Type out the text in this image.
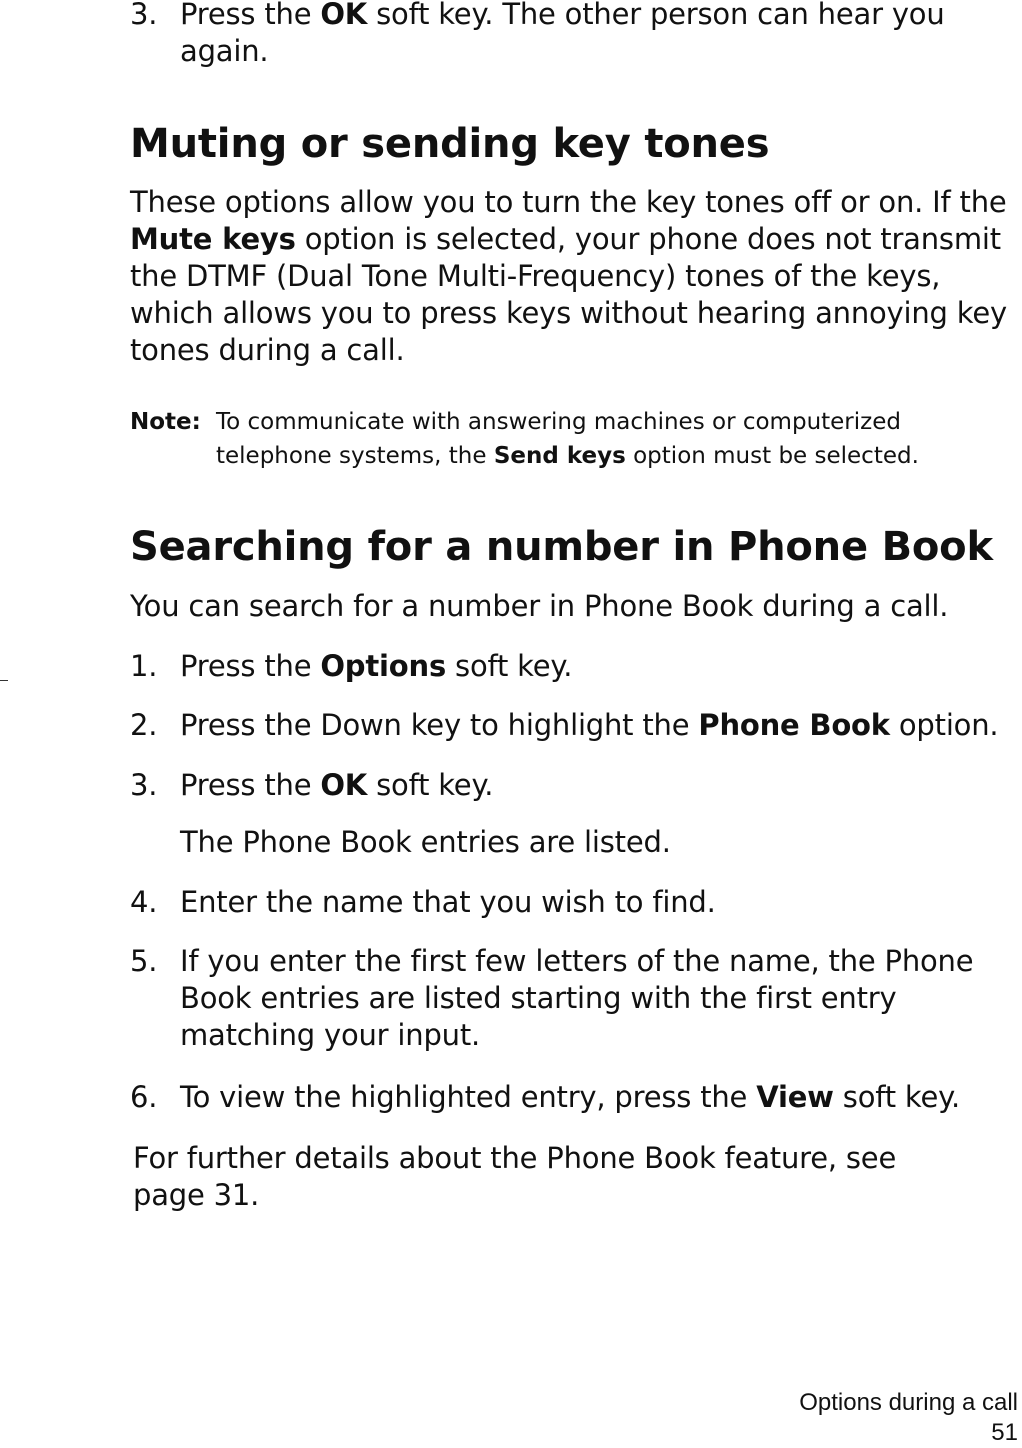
3. Press the OK soft key. The other person can hear you
again.
Muting or sending key tones
These options allow you to turn the key tones off or on. If the
Mute keys option is selected, your phone does not transmit
the DTMF (Dual Tone Multi-Frequency) tones of the keys,
which allows you to press keys without hearing annoying key
tones during a call.
Note: To communicate with answering machines or computerized
telephone systems, the Send keys option must be selected.
Searching for a number in Phone Book
You can search for a number in Phone Book during a call.
1. Press the Options soft key.
2. Press the Down key to highlight the Phone Book option.
3. Press the OK soft key.
The Phone Book entries are listed.
4. Enter the name that you wish to find.
5. If you enter the first few letters of the name, the Phone
Book entries are listed starting with the first entry
matching your input.
6. To view the highlighted entry, press the View soft key.
For further details about the Phone Book feature, see
page 31.
Options during a call
51
